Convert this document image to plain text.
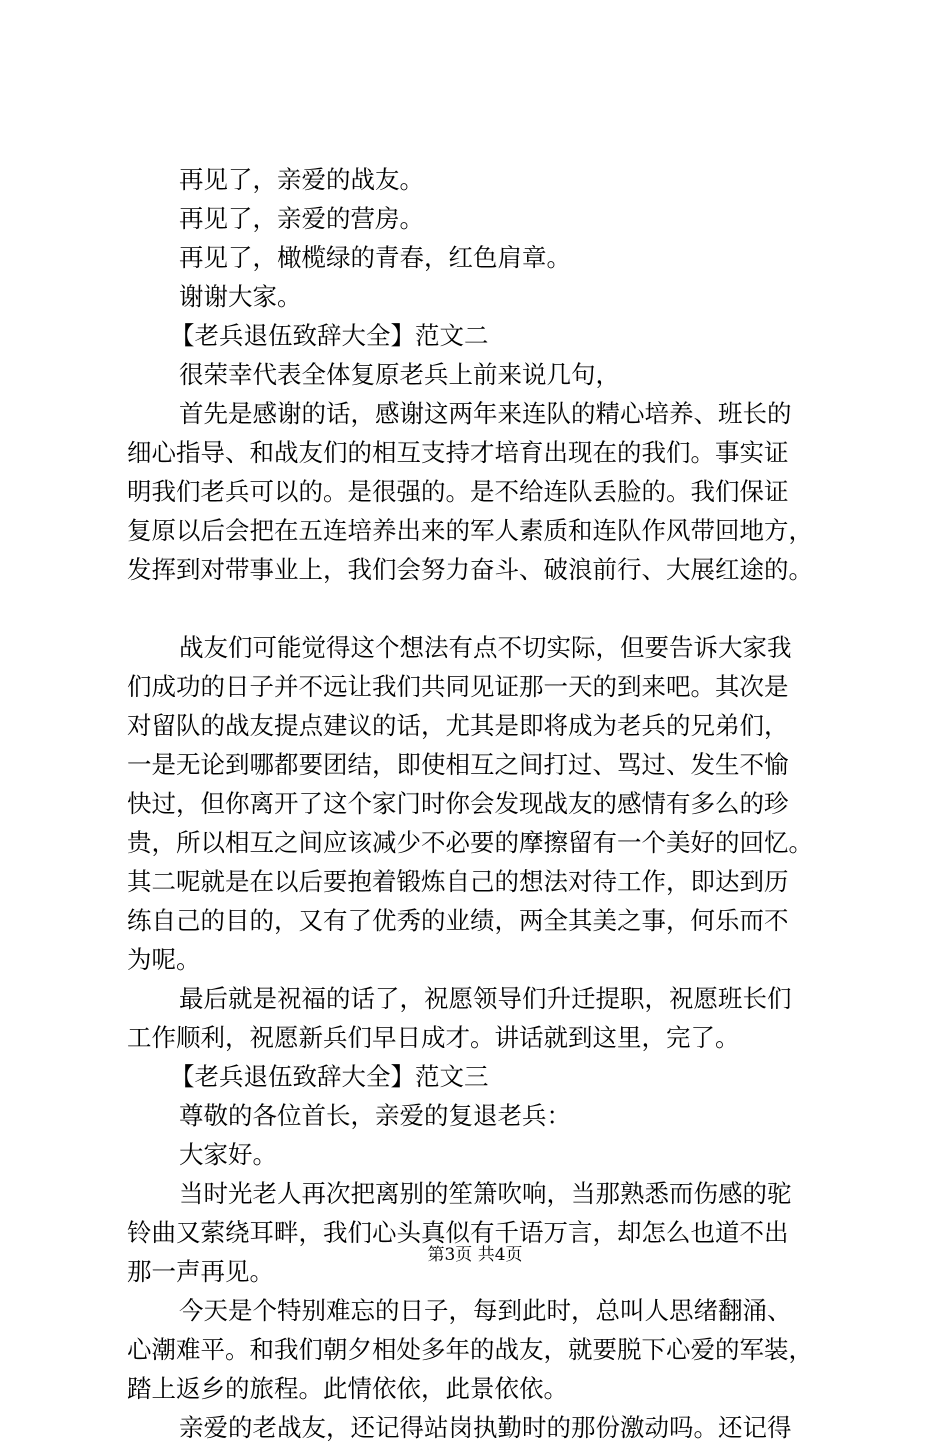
再见了，亲爱的战友。
再见了，亲爱的营房。
再见了，橄榄绿的青春，红色肩章。
谢谢大家。
【老兵退伍致辞大全】范文二
很荣幸代表全体复原老兵上前来说几句，
首先是感谢的话，感谢这两年来连队的精心培养、班长的
细心指导、和战友们的相互支持才培育出现在的我们。事实证
明我们老兵可以的。是很强的。是不给连队丢脸的。我们保证
复原以后会把在五连培养出来的军人素质和连队作风带回地方，
发挥到对带事业上，我们会努力奋斗、破浪前行、大展红途的。
战友们可能觉得这个想法有点不切实际，但要告诉大家我
们成功的日子并不远让我们共同见证那一天的到来吧。其次是
对留队的战友提点建议的话，尤其是即将成为老兵的兄弟们，
一是无论到哪都要团结，即使相互之间打过、骂过、发生不愉
快过，但你离开了这个家门时你会发现战友的感情有多么的珍
贵，所以相互之间应该减少不必要的摩擦留有一个美好的回忆。
其二呢就是在以后要抱着锻炼自己的想法对待工作，即达到历
练自己的目的，又有了优秀的业绩，两全其美之事，何乐而不
为呢。
最后就是祝福的话了，祝愿领导们升迁提职，祝愿班长们
工作顺利，祝愿新兵们早日成才。讲话就到这里，完了。
【老兵退伍致辞大全】范文三
尊敬的各位首长，亲爱的复退老兵：
大家好。
当时光老人再次把离别的笙箫吹响，当那熟悉而伤感的驼
铃曲又萦绕耳畔，我们心头真似有千语万言，却怎么也道不出
那一声再见。
今天是个特别难忘的日子，每到此时，总叫人思绪翻涌、
心潮难平。和我们朝夕相处多年的战友，就要脱下心爱的军装，
踏上返乡的旅程。此情依依，此景依依。
亲爱的老战友，还记得站岗执勤时的那份激动吗。还记得
第3页 共4页
